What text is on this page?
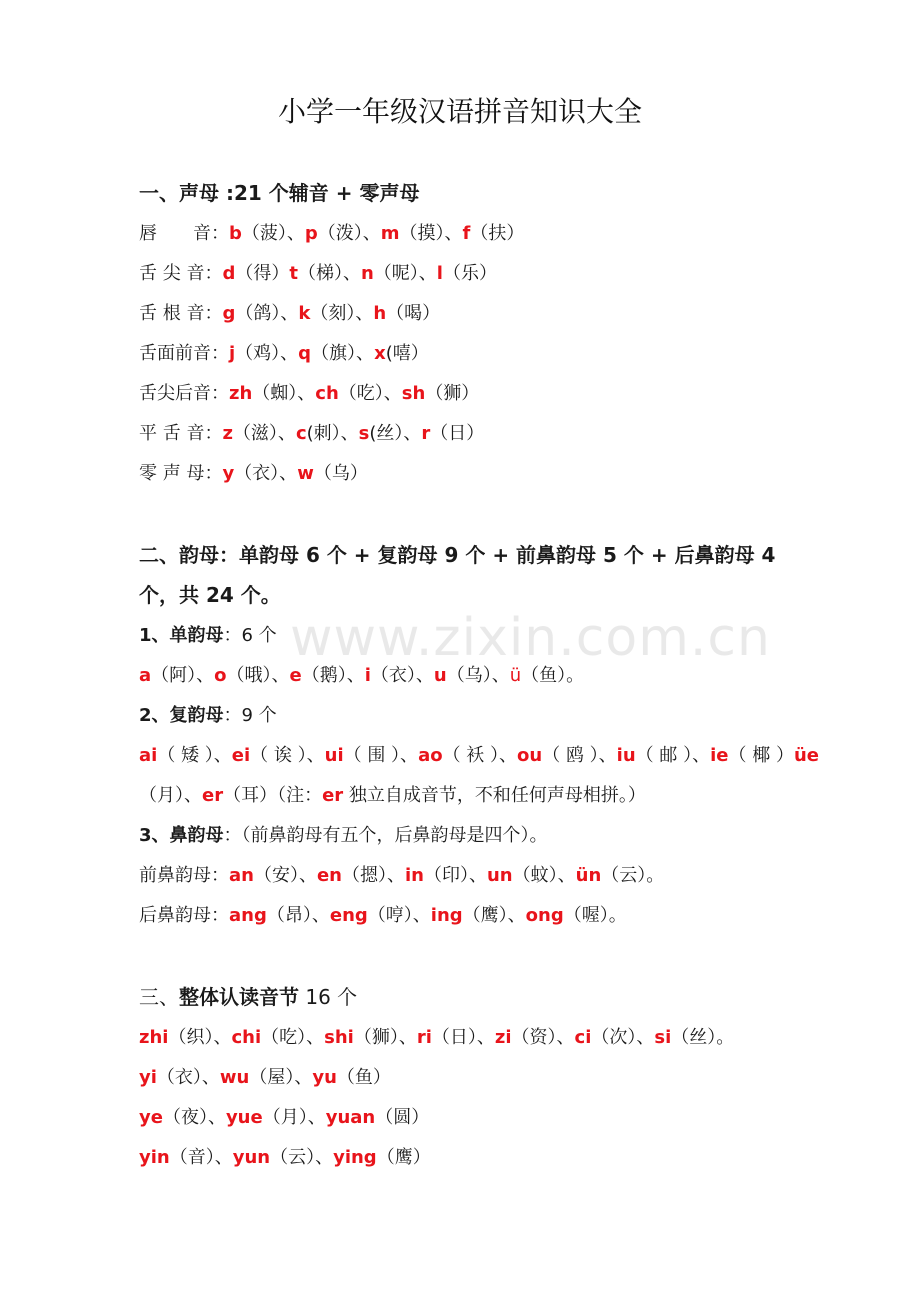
www.zixin.com.cn
小学一年级汉语拼音知识大全
一、声母 :21 个辅音 + 零声母
唇　　音：b（菠）、p（泼）、m（摸）、f（扶）
舌 尖 音：d（得）t（梯）、n（呢）、l（乐）
舌 根 音：g（鸽）、k（刻）、h（喝）
舌面前音：j（鸡）、q（旗）、x(嘻）
舌尖后音：zh（蜘）、ch（吃）、sh（狮）
平 舌 音：z（滋）、c(刺）、s(丝）、r（日）
零 声 母：y（衣）、w（乌）
二、韵母：单韵母 6 个 + 复韵母 9 个 + 前鼻韵母 5 个 + 后鼻韵母 4
个，共 24 个。
1、单韵母：6 个
a（阿）、o（哦）、e（鹅）、i（衣）、u（乌）、ü（鱼）。
2、复韵母：9 个
ai（ 矮 ）、ei（ 诶 ）、ui（ 围 ）、ao（ 袄 ）、ou（ 鸥 ）、iu（ 邮 ）、ie（ 椰 ）üe
（月）、er（耳）（注：er 独立自成音节，不和任何声母相拼。）
3、鼻韵母：（前鼻韵母有五个，后鼻韵母是四个）。
前鼻韵母：an（安）、en（摁）、in（印）、un（蚊）、ün（云）。
后鼻韵母：ang（昂）、eng（哼）、ing（鹰）、ong（喔）。
三、整体认读音节 16 个
zhi（织）、chi（吃）、shi（狮）、ri（日）、zi（资）、ci（次）、si（丝）。
yi（衣）、wu（屋）、yu（鱼）
ye（夜）、yue（月）、yuan（圆）
yin（音）、yun（云）、ying（鹰）
